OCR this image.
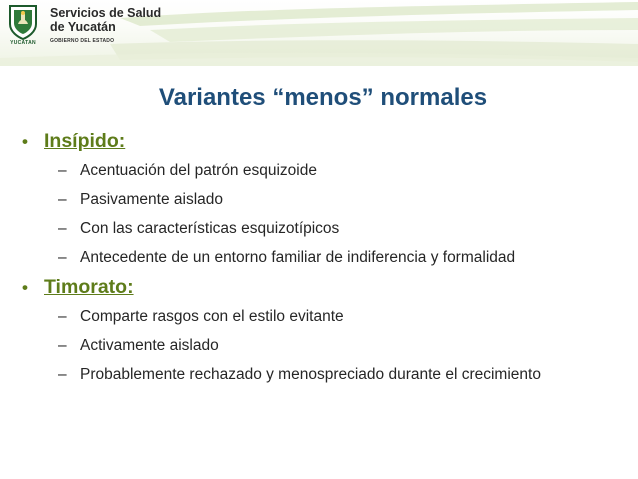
YUCATAN
Servicios de Salud
de Yucatán
GOBIERNO DEL ESTADO
Variantes “menos” normales
• Insípido:
– Acentuación del patrón esquizoide
– Pasivamente aislado
– Con las características esquizotípicos
– Antecedente de un entorno familiar de indiferencia y formalidad
• Timorato:
– Comparte rasgos con el estilo evitante
– Activamente aislado
– Probablemente rechazado y menospreciado durante el crecimiento
